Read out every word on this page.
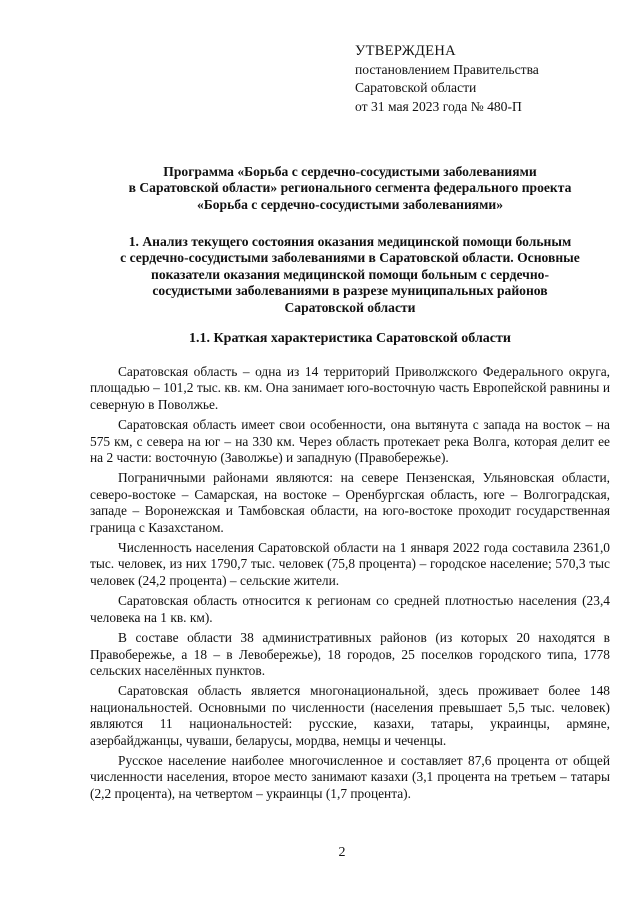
УТВЕРЖДЕНА
постановлением Правительства
Саратовской области
от 31 мая 2023 года № 480-П
Программа «Борьба с сердечно-сосудистыми заболеваниями
в Саратовской области» регионального сегмента федерального проекта
«Борьба с сердечно-сосудистыми заболеваниями»
1. Анализ текущего состояния оказания медицинской помощи больным
с сердечно-сосудистыми заболеваниями в Саратовской области. Основные
показатели оказания медицинской помощи больным с сердечно-
сосудистыми заболеваниями в разрезе муниципальных районов
Саратовской области
1.1. Краткая характеристика Саратовской области

Саратовская область – одна из 14 территорий Приволжского Федерального округа, площадью – 101,2 тыс. кв. км. Она занимает юго-восточную часть Европейской равнины и северную в Поволжье.

Саратовская область имеет свои особенности, она вытянута с запада на восток – на 575 км, с севера на юг – на 330 км. Через область протекает река Волга, которая делит ее на 2 части: восточную (Заволжье) и западную (Правобережье).

Пограничными районами являются: на севере Пензенская, Ульяновская области, северо-востоке – Самарская, на востоке – Оренбургская область, юге – Волгоградская, западе – Воронежская и Тамбовская области, на юго-востоке проходит государственная граница с Казахстаном.

Численность населения Саратовской области на 1 января 2022 года составила 2361,0 тыс. человек, из них 1790,7 тыс. человек (75,8 процента) – городское население; 570,3 тыс человек (24,2 процента) – сельские жители.

Саратовская область относится к регионам со средней плотностью населения (23,4 человека на 1 кв. км).

В составе области 38 административных районов (из которых 20 находятся в Правобережье, а 18 – в Левобережье), 18 городов, 25 поселков городского типа, 1778 сельских населённых пунктов.

Саратовская область является многонациональной, здесь проживает более 148 национальностей. Основными по численности (населения превышает 5,5 тыс. человек) являются 11 национальностей: русские, казахи, татары, украинцы, армяне, азербайджанцы, чуваши, беларусы, мордва, немцы и чеченцы.

Русское население наиболее многочисленное и составляет 87,6 процента от общей численности населения, второе место занимают казахи (3,1 процента на третьем – татары (2,2 процента), на четвертом – украинцы (1,7 процента).

2
